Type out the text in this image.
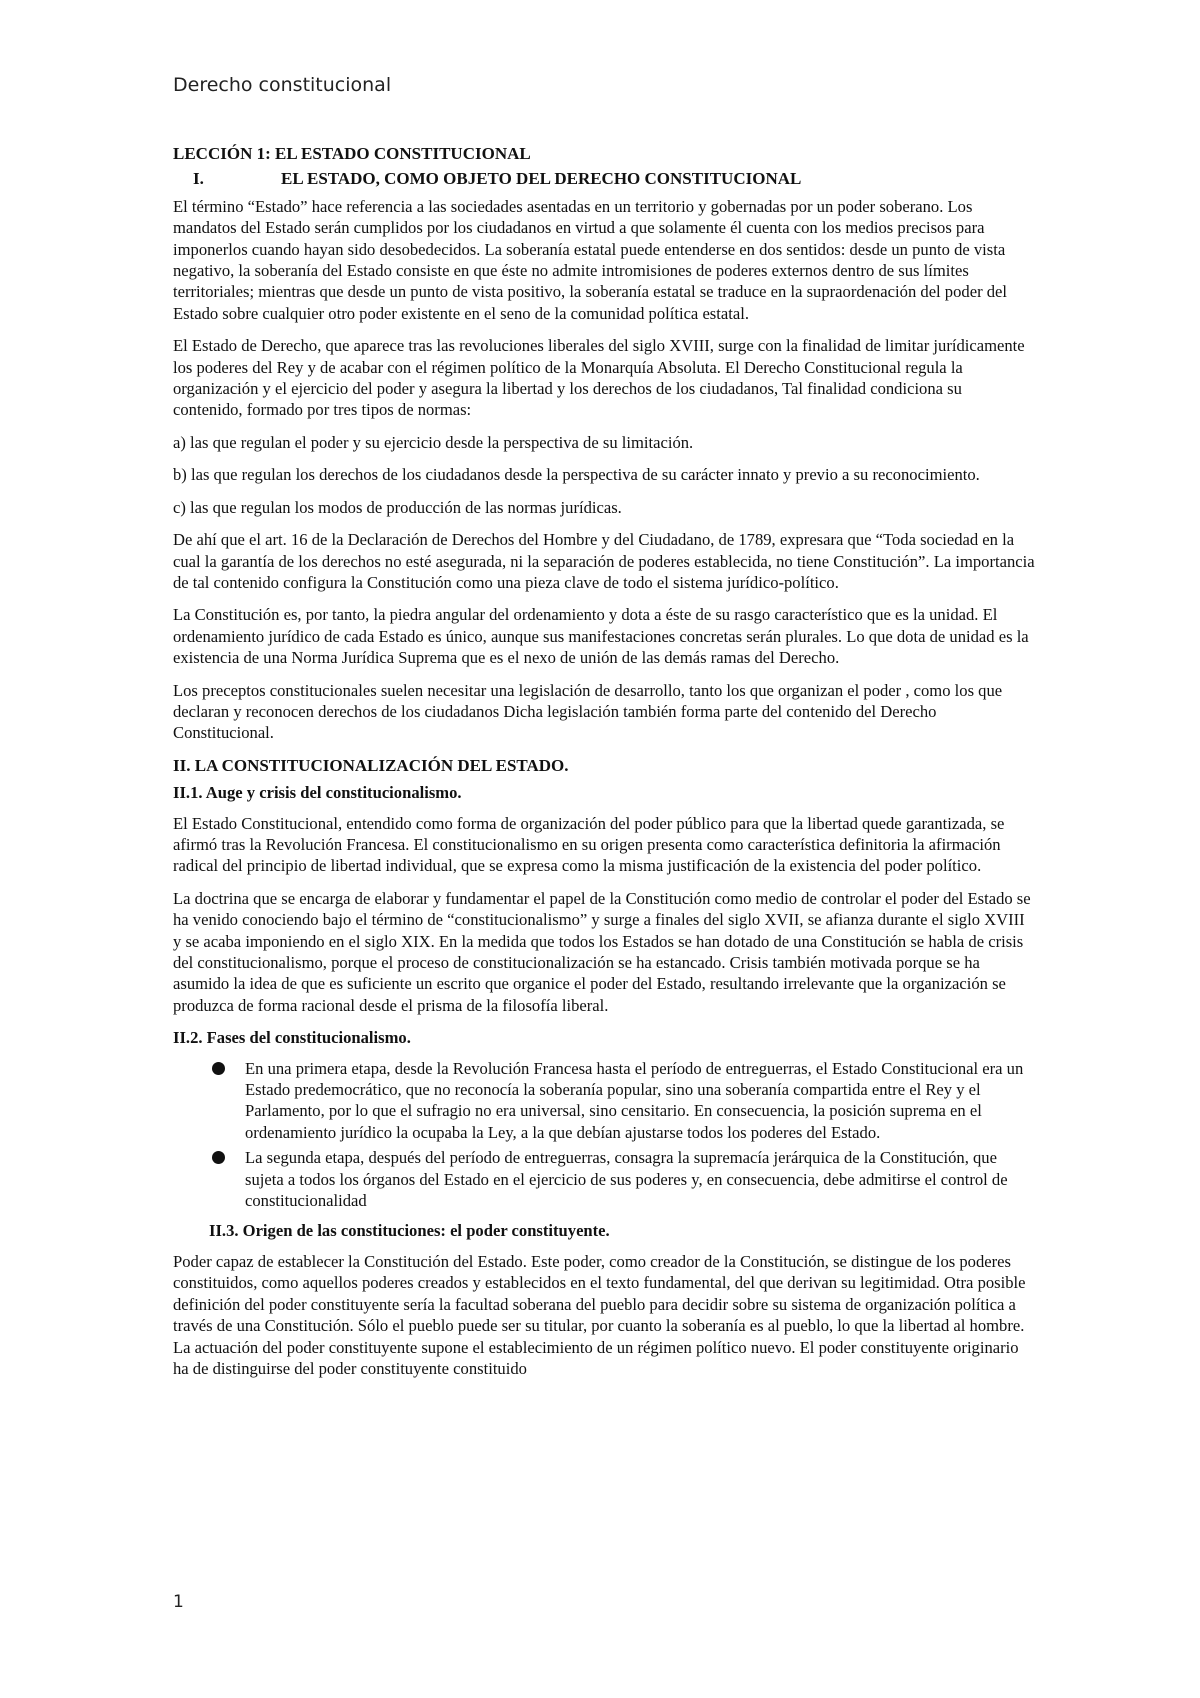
Derecho constitucional
LECCIÓN 1: EL ESTADO CONSTITUCIONAL
I.	EL ESTADO, COMO OBJETO DEL DERECHO CONSTITUCIONAL

El término “Estado” hace referencia a las sociedades asentadas en un territorio y gobernadas por un poder soberano. Los mandatos del Estado serán cumplidos por los ciudadanos en virtud a que solamente él cuenta con los medios precisos para imponerlos cuando hayan sido desobedecidos. La soberanía estatal puede entenderse en dos sentidos: desde un punto de vista negativo, la soberanía del Estado consiste en que éste no admite intromisiones de poderes externos dentro de sus límites territoriales; mientras que desde un punto de vista positivo, la soberanía estatal se traduce en la supraordenación del poder del Estado sobre cualquier otro poder existente en el seno de la comunidad política estatal.

El Estado de Derecho, que aparece tras las revoluciones liberales del siglo XVIII, surge con la finalidad de limitar jurídicamente los poderes del Rey y de acabar con el régimen político de la Monarquía Absoluta. El Derecho Constitucional regula la organización y el ejercicio del poder y asegura la libertad y los derechos de los ciudadanos, Tal finalidad condiciona su contenido, formado por tres tipos de normas:

a) las que regulan el poder y su ejercicio desde la perspectiva de su limitación.

b) las que regulan los derechos de los ciudadanos desde la perspectiva de su carácter innato y previo a su reconocimiento.

c) las que regulan los modos de producción de las normas jurídicas.

De ahí que el art. 16 de la Declaración de Derechos del Hombre y del Ciudadano, de 1789, expresara que “Toda sociedad en la cual la garantía de los derechos no esté asegurada, ni la separación de poderes establecida, no tiene Constitución”. La importancia de tal contenido configura la Constitución como una pieza clave de todo el sistema jurídico-político.

La Constitución es, por tanto, la piedra angular del ordenamiento y dota a éste de su rasgo característico que es la unidad. El ordenamiento jurídico de cada Estado es único, aunque sus manifestaciones concretas serán plurales. Lo que dota de unidad es la existencia de una Norma Jurídica Suprema que es el nexo de unión de las demás ramas del Derecho.

Los preceptos constitucionales suelen necesitar una legislación de desarrollo, tanto los que organizan el poder , como los que declaran y reconocen derechos de los ciudadanos Dicha legislación también forma parte del contenido del Derecho Constitucional.

II. LA CONSTITUCIONALIZACIÓN DEL ESTADO.
II.1. Auge y crisis del constitucionalismo.

El Estado Constitucional, entendido como forma de organización del poder público para que la libertad quede garantizada, se afirmó tras la Revolución Francesa. El constitucionalismo en su origen presenta como característica definitoria la afirmación radical del principio de libertad individual, que se expresa como la misma justificación de la existencia del poder político.

La doctrina que se encarga de elaborar y fundamentar el papel de la Constitución como medio de controlar el poder del Estado se ha venido conociendo bajo el término de “constitucionalismo” y surge a finales del siglo XVII, se afianza durante el siglo XVIII y se acaba imponiendo en el siglo XIX. En la medida que todos los Estados se han dotado de una Constitución se habla de crisis del constitucionalismo, porque el proceso de constitucionalización se ha estancado. Crisis también motivada porque se ha asumido la idea de que es suficiente un escrito que organice el poder del Estado, resultando irrelevante que la organización se produzca de forma racional desde el prisma de la filosofía liberal.

II.2. Fases del constitucionalismo.
En una primera etapa, desde la Revolución Francesa hasta el período de entreguerras, el Estado Constitucional era un Estado predemocrático, que no reconocía la soberanía popular, sino una soberanía compartida entre el Rey y el Parlamento, por lo que el sufragio no era universal, sino censitario. En consecuencia, la posición suprema en el ordenamiento jurídico la ocupaba la Ley, a la que debían ajustarse todos los poderes del Estado.
La segunda etapa, después del período de entreguerras, consagra la supremacía jerárquica de la Constitución, que sujeta a todos los órganos del Estado en el ejercicio de sus poderes y, en consecuencia, debe admitirse el control de constitucionalidad
II.3. Origen de las constituciones: el poder constituyente.

Poder capaz de establecer la Constitución del Estado. Este poder, como creador de la Constitución, se distingue de los poderes constituidos, como aquellos poderes creados y establecidos en el texto fundamental, del que derivan su legitimidad. Otra posible definición del poder constituyente sería la facultad soberana del pueblo para decidir sobre su sistema de organización política a través de una Constitución. Sólo el pueblo puede ser su titular, por cuanto la soberanía es al pueblo, lo que la libertad al hombre. La actuación del poder constituyente supone el establecimiento de un régimen político nuevo. El poder constituyente originario ha de distinguirse del poder constituyente constituido

1
